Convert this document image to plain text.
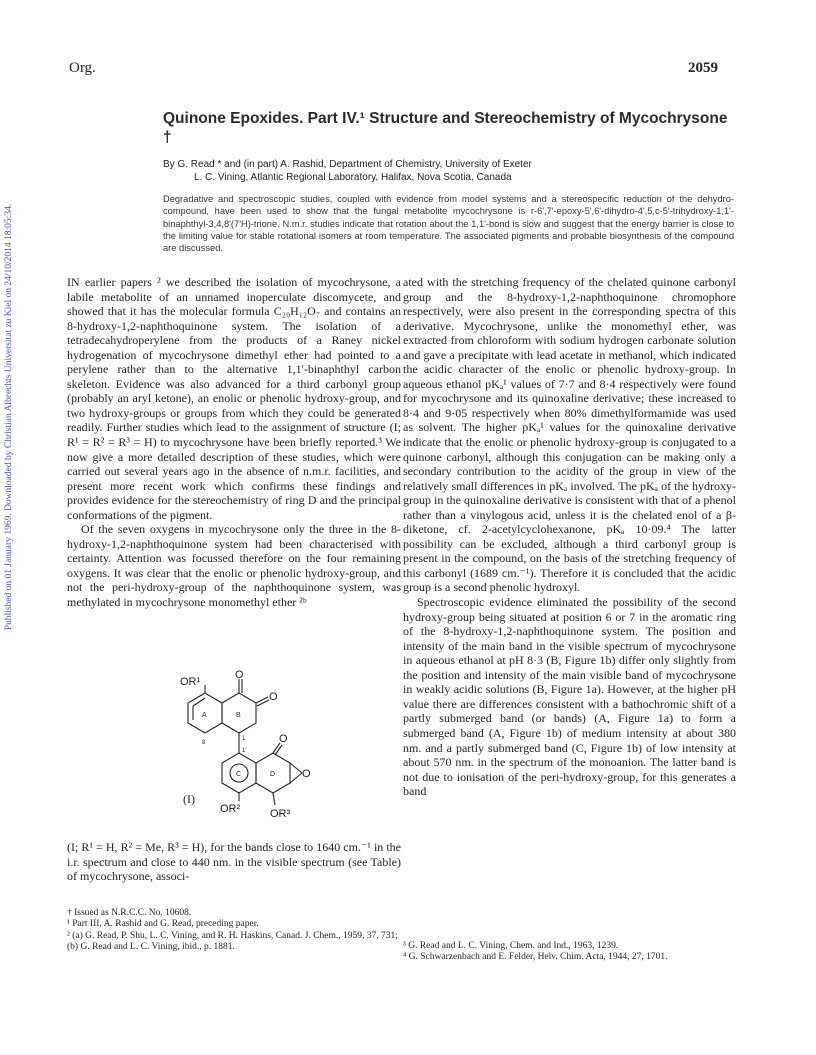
Org.	2059
Published on 01 January 1969. Downloaded by Christian Albrechts Universitat zu Kiel on 24/10/2014 18:05:34.
Quinone Epoxides. Part IV.¹ Structure and Stereochemistry of Mycochrysone †
By G. Read * and (in part) A. Rashid, Department of Chemistry, University of Exeter
L. C. Vining, Atlantic Regional Laboratory, Halifax, Nova Scotia, Canada
Degradative and spectroscopic studies, coupled with evidence from model systems and a stereospecific reduction of the dehydro-compound, have been used to show that the fungal metabolite mycochrysone is r-6',7'-epoxy-5',6'-dihydro-4',5,c-5'-trihydroxy-1,1'-binaphthyl-3,4,8'(7'H)-trione. N.m.r. studies indicate that rotation about the 1,1'-bond is slow and suggest that the energy barrier is close to the limiting value for stable rotational isomers at room temperature. The associated pigments and probable biosynthesis of the compound are discussed.

IN earlier papers ² we described the isolation of mycochrysone, a labile metabolite of an unnamed inoperculate discomycete, and showed that it has the molecular formula C₂₀H₁₂O₇ and contains an 8-hydroxy-1,2-naphthoquinone system. The isolation of a tetradecahydroperylene from the products of a Raney nickel hydrogenation of mycochrysone dimethyl ether had pointed to a perylene rather than to the alternative 1,1'-binaphthyl carbon skeleton. Evidence was also advanced for a third carbonyl group (probably an aryl ketone), an enolic or phenolic hydroxy-group, and two hydroxy-groups or groups from which they could be generated readily. Further studies which lead to the assignment of structure (I; R¹ = R² = R³ = H) to mycochrysone have been briefly reported.³ We now give a more detailed description of these studies, which were carried out several years ago in the absence of n.m.r. facilities, and present more recent work which confirms these findings and provides evidence for the stereochemistry of ring D and the principal conformations of the pigment.

Of the seven oxygens in mycochrysone only the three in the 8-hydroxy-1,2-naphthoquinone system had been characterised with certainty. Attention was focussed therefore on the four remaining oxygens. It was clear that the enolic or phenolic hydroxy-group, and not the peri-hydroxy-group of the naphthoquinone system, was methylated in mycochrysone monomethyl ether ²ᵇ

OR¹
O
O
A	B
1
1'
8
C	D
O
O
OR²	OR³
(I)

(I; R¹ = H, R² = Me, R³ = H), for the bands close to 1640 cm.⁻¹ in the i.r. spectrum and close to 440 nm. in the visible spectrum (see Table) of mycochrysone, associ-

ated with the stretching frequency of the chelated quinone carbonyl group and the 8-hydroxy-1,2-naphthoquinone chromophore respectively, were also present in the corresponding spectra of this derivative. Mycochrysone, unlike the monomethyl ether, was extracted from chloroform with sodium hydrogen carbonate solution and gave a precipitate with lead acetate in methanol, which indicated the acidic character of the enolic or phenolic hydroxy-group. In aqueous ethanol pKₐ¹ values of 7·7 and 8·4 respectively were found for mycochrysone and its quinoxaline derivative; these increased to 8·4 and 9·05 respectively when 80% dimethylformamide was used as solvent. The higher pKₐ¹ values for the quinoxaline derivative indicate that the enolic or phenolic hydroxy-group is conjugated to a quinone carbonyl, although this conjugation can be making only a secondary contribution to the acidity of the group in view of the relatively small differences in pKₐ involved. The pKₐ of the hydroxy-group in the quinoxaline derivative is consistent with that of a phenol rather than a vinylogous acid, unless it is the chelated enol of a β-diketone, cf. 2-acetylcyclohexanone, pKₐ 10·09.⁴ The latter possibility can be excluded, although a third carbonyl group is present in the compound, on the basis of the stretching frequency of this carbonyl (1689 cm.⁻¹). Therefore it is concluded that the acidic group is a second phenolic hydroxyl.

Spectroscopic evidence eliminated the possibility of the second hydroxy-group being situated at position 6 or 7 in the aromatic ring of the 8-hydroxy-1,2-naphthoquinone system. The position and intensity of the main band in the visible spectrum of mycochrysone in aqueous ethanol at pH 8·3 (B, Figure 1b) differ only slightly from the position and intensity of the main visible band of mycochrysone in weakly acidic solutions (B, Figure 1a). However, at the higher pH value there are differences consistent with a bathochromic shift of a partly submerged band (or bands) (A, Figure 1a) to form a submerged band (A, Figure 1b) of medium intensity at about 380 nm. and a partly submerged band (C, Figure 1b) of low intensity at about 570 nm. in the spectrum of the monoanion. The latter band is not due to ionisation of the peri-hydroxy-group, for this generates a band

† Issued as N.R.C.C. No. 10608.

¹ Part III, A. Rashid and G. Read, preceding paper.

² (a) G. Read, P. Shu, L. C. Vining, and R. H. Haskins, Canad. J. Chem., 1959, 37, 731; (b) G. Read and L. C. Vining, ibid., p. 1881.	³ G. Read and L. C. Vining, Chem. and Ind., 1963, 1239.

⁴ G. Schwarzenbach and E. Felder, Helv. Chim. Acta, 1944, 27, 1701.
